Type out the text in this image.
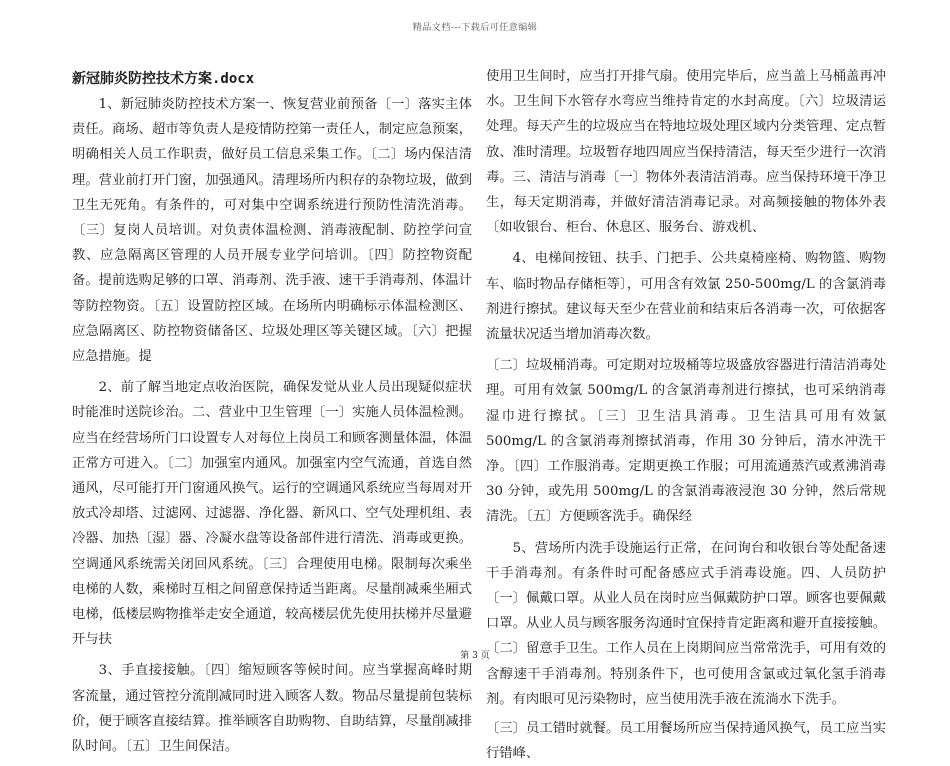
精品文档---下载后可任意编辑
新冠肺炎防控技术方案.docx

1、新冠肺炎防控技术方案一、恢复营业前预备〔一〕落实主体责任。商场、超市等负责人是疫情防控第一责任人，制定应急预案，明确相关人员工作职责，做好员工信息采集工作。〔二〕场内保洁清理。营业前打开门窗，加强通风。清理场所内积存的杂物垃圾，做到卫生无死角。有条件的，可对集中空调系统进行预防性清洗消毒。〔三〕复岗人员培训。对负责体温检测、消毒液配制、防控学问宣教、应急隔离区管理的人员开展专业学问培训。〔四〕防控物资配备。提前选购足够的口罩、消毒剂、洗手液、速干手消毒剂、体温计等防控物资。〔五〕设置防控区域。在场所内明确标示体温检测区、应急隔离区、防控物资储备区、垃圾处理区等关键区域。〔六〕把握应急措施。提

2、前了解当地定点收治医院，确保发觉从业人员出现疑似症状时能准时送院诊治。二、营业中卫生管理〔一〕实施人员体温检测。应当在经营场所门口设置专人对每位上岗员工和顾客测量体温，体温正常方可进入。〔二〕加强室内通风。加强室内空气流通，首选自然通风，尽可能打开门窗通风换气。运行的空调通风系统应当每周对开放式冷却塔、过滤网、过滤器、净化器、新风口、空气处理机组、表冷器、加热〔湿〕器、冷凝水盘等设备部件进行清洗、消毒或更换。空调通风系统需关闭回风系统。〔三〕合理使用电梯。限制每次乘坐电梯的人数，乘梯时互相之间留意保持适当距离。尽量削减乘坐厢式电梯，低楼层购物推举走安全通道，较高楼层优先使用扶梯并尽量避开与扶

3、手直接接触。〔四〕缩短顾客等候时间。应当掌握高峰时期客流量，通过管控分流削减同时进入顾客人数。物品尽量提前包装标价，便于顾客直接结算。推举顾客自助购物、自助结算，尽量削减排队时间。〔五〕卫生间保洁。

使用卫生间时，应当打开排气扇。使用完毕后，应当盖上马桶盖再冲水。卫生间下水管存水弯应当维持肯定的水封高度。〔六〕垃圾清运处理。每天产生的垃圾应当在特地垃圾处理区域内分类管理、定点暂放、准时清理。垃圾暂存地四周应当保持清洁，每天至少进行一次消毒。三、清洁与消毒〔一〕物体外表清洁消毒。应当保持环境干净卫生，每天定期消毒，并做好清洁消毒记录。对高频接触的物体外表〔如收银台、柜台、休息区、服务台、游戏机、

4、电梯间按钮、扶手、门把手、公共桌椅座椅、购物篮、购物车、临时物品存储柜等〕，可用含有效氯 250-500mg/L 的含氯消毒剂进行擦拭。建议每天至少在营业前和结束后各消毒一次，可依据客流量状况适当增加消毒次数。

〔二〕垃圾桶消毒。可定期对垃圾桶等垃圾盛放容器进行清洁消毒处理。可用有效氯 500mg/L 的含氯消毒剂进行擦拭，也可采纳消毒湿巾进行擦拭。〔三〕卫生洁具消毒。卫生洁具可用有效氯 500mg/L 的含氯消毒剂擦拭消毒，作用 30 分钟后，清水冲洗干净。〔四〕工作服消毒。定期更换工作服；可用流通蒸汽或煮沸消毒 30 分钟，或先用 500mg/L 的含氯消毒液浸泡 30 分钟，然后常规清洗。〔五〕方便顾客洗手。确保经

5、营场所内洗手设施运行正常，在问询台和收银台等处配备速干手消毒剂。有条件时可配备感应式手消毒设施。四、人员防护〔一〕佩戴口罩。从业人员在岗时应当佩戴防护口罩。顾客也要佩戴口罩。从业人员与顾客服务沟通时宜保持肯定距离和避开直接接触。〔二〕留意手卫生。工作人员在上岗期间应当常常洗手，可用有效的含醇速干手消毒剂。特别条件下，也可使用含氯或过氧化氢手消毒剂。有肉眼可见污染物时，应当使用洗手液在流淌水下洗手。

〔三〕员工错时就餐。员工用餐场所应当保持通风换气，员工应当实行错峰、

第 3 页
